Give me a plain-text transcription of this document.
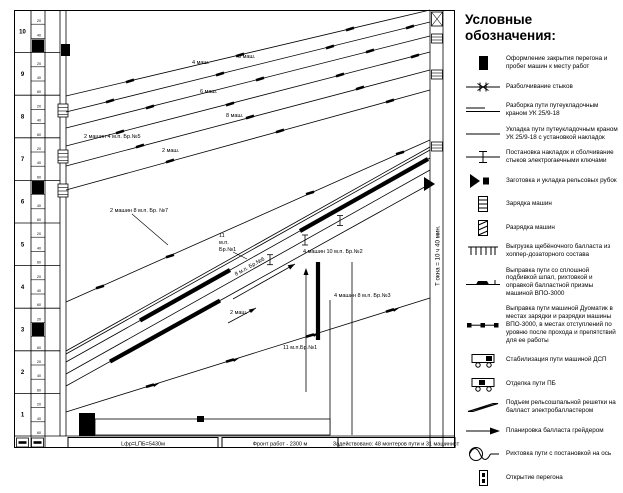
10
20
40
9
20
40
60
8
20
40
60
7
20
40
60
6
40
60
5
20
40
60
4
20
40
60
3
20
60
2
20
40
60
1
20
40
60
Т окна = 10 ч 40 мин.
Lфр=LПБ=5430м	Фронт работ - 2300 м	Задействовано: 48 монтеров пути и 31 машинист
3 маш.
4 маш.
6 маш.
8 маш.
2 маш.
2 машин 4 м.п. Бр.№5
2 машин 8 м.п. Бр. №7
11
м.п.
Бр.№1
8 м.п. Бр.№6
4 машин 10 м.п. Бр.№2
4 машин 8 м.п. Бр.№3
2 маш.
11 м.п.Бр.№1
Условные обозначения:
Оформление закрытия перегона и пробег машин к месту работ
Разболчивание стыков
Разборка пути путеукладочным краном УК 25/9-18
Укладка пути путеукладочным краном УК 25/9-18 с установкой накладок
Постановка накладок и сболчивание стыков электрогаечными ключами
Заготовка и укладка рельсовых рубок
Зарядка машин
Разрядка машин
Выгрузка щебёночного балласта из хоппер-дозаторного состава
Выправка пути со сплошной подбивкой шпал, рихтовкой и оправкой балластной призмы машиной ВПО-3000
Выправка пути машиной Дуоматик в местах зарядки и разрядки машины ВПО-3000, в местах отступлений по уровню после прохода и препятствий для ее работы
Стабилизация пути машиной ДСП
Отделка пути ПБ
Подъем рельсошпальной решетки на балласт электробалластером
Планировка балласта грейдером
Рихтовка пути с постановкой на ось
Открытие перегона
